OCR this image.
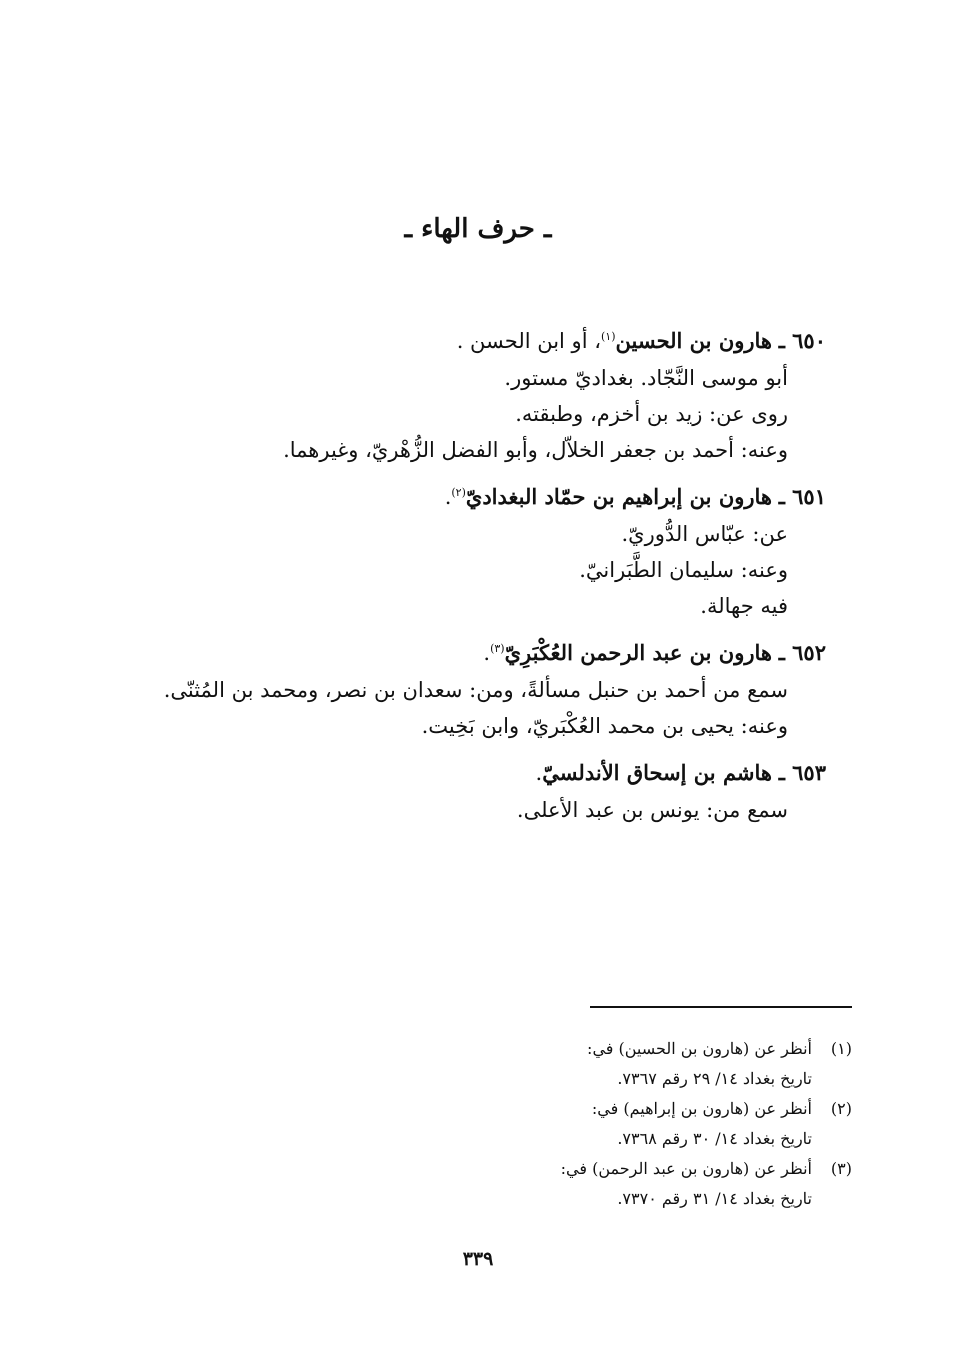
ـ حرف الهاء ـ

٦٥٠ ـ هارون بن الحسين$^{(١)}$، أو ابن الحسن .

أبو موسى النَّجّاد. بغداديّ مستور.

روى عن: زيد بن أخزم، وطبقته.

وعنه: أحمد بن جعفر الخلاّل، وأبو الفضل الزُّهْريّ، وغيرهما.

٦٥١ ـ هارون بن إبراهيم بن حمّاد البغداديّ$^{(٢)}$.

عن: عبّاس الدُّوريّ.

وعنه: سليمان الطَّبَرانيّ.

فيه جهالة.

٦٥٢ ـ هارون بن عبد الرحمن العُكْبَرِيّ$^{(٣)}$.

سمع من أحمد بن حنبل مسألةً، ومن: سعدان بن نصر، ومحمد بن المُثنّى.

وعنه: يحيى بن محمد العُكْبَريّ، وابن بَخِيت.

٦٥٣ ـ هاشم بن إسحاق الأندلسيّ.

سمع من: يونس بن عبد الأعلى.

(١)أنظر عن (هارون بن الحسين) في:

تاريخ بغداد ١٤/ ٢٩ رقم ٧٣٦٧.

(٢)أنظر عن (هارون بن إبراهيم) في:

تاريخ بغداد ١٤/ ٣٠ رقم ٧٣٦٨.

(٣)أنظر عن (هارون بن عبد الرحمن) في:

تاريخ بغداد ١٤/ ٣١ رقم ٧٣٧٠.

٣٣٩
